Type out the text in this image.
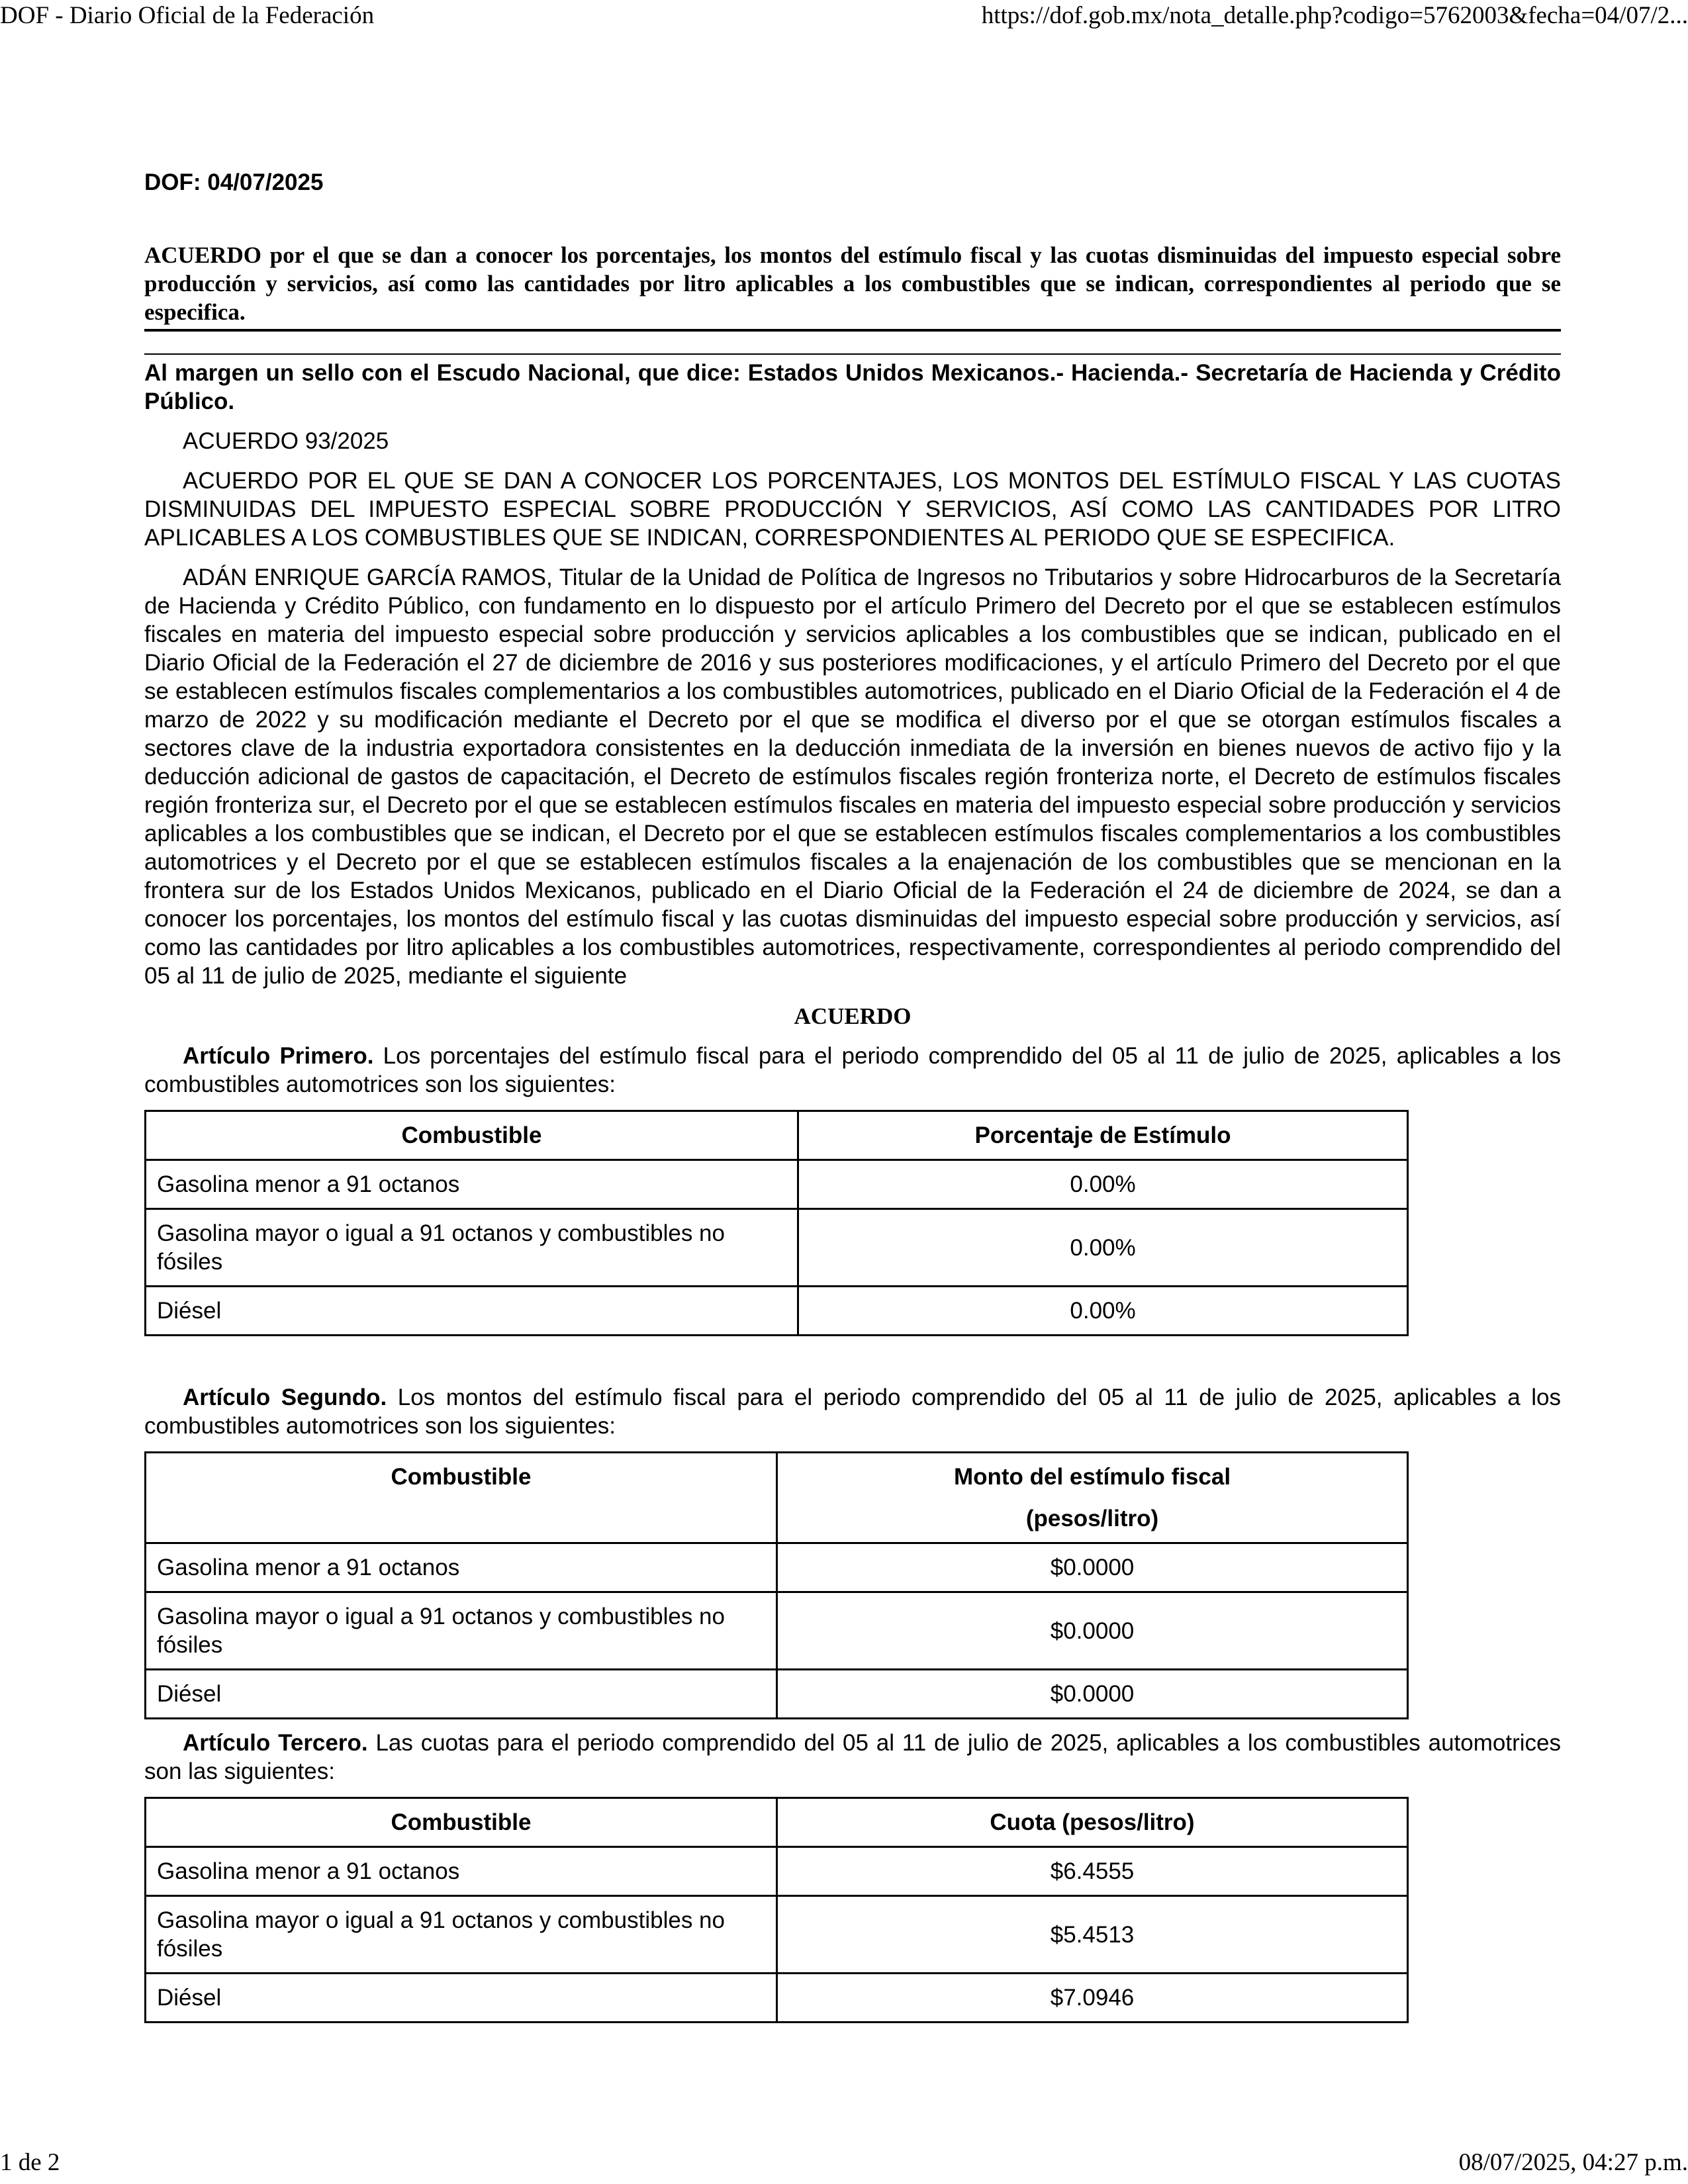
DOF - Diario Oficial de la Federación	https://dof.gob.mx/nota_detalle.php?codigo=5762003&fecha=04/07/2...
DOF: 04/07/2025
ACUERDO por el que se dan a conocer los porcentajes, los montos del estímulo fiscal y las cuotas disminuidas del impuesto especial sobre producción y servicios, así como las cantidades por litro aplicables a los combustibles que se indican, correspondientes al periodo que se especifica.
Al margen un sello con el Escudo Nacional, que dice: Estados Unidos Mexicanos.- Hacienda.- Secretaría de Hacienda y Crédito Público.

ACUERDO 93/2025

ACUERDO POR EL QUE SE DAN A CONOCER LOS PORCENTAJES, LOS MONTOS DEL ESTÍMULO FISCAL Y LAS CUOTAS DISMINUIDAS DEL IMPUESTO ESPECIAL SOBRE PRODUCCIÓN Y SERVICIOS, ASÍ COMO LAS CANTIDADES POR LITRO APLICABLES A LOS COMBUSTIBLES QUE SE INDICAN, CORRESPONDIENTES AL PERIODO QUE SE ESPECIFICA.

ADÁN ENRIQUE GARCÍA RAMOS, Titular de la Unidad de Política de Ingresos no Tributarios y sobre Hidrocarburos de la Secretaría de Hacienda y Crédito Público, con fundamento en lo dispuesto por el artículo Primero del Decreto por el que se establecen estímulos fiscales en materia del impuesto especial sobre producción y servicios aplicables a los combustibles que se indican, publicado en el Diario Oficial de la Federación el 27 de diciembre de 2016 y sus posteriores modificaciones, y el artículo Primero del Decreto por el que se establecen estímulos fiscales complementarios a los combustibles automotrices, publicado en el Diario Oficial de la Federación el 4 de marzo de 2022 y su modificación mediante el Decreto por el que se modifica el diverso por el que se otorgan estímulos fiscales a sectores clave de la industria exportadora consistentes en la deducción inmediata de la inversión en bienes nuevos de activo fijo y la deducción adicional de gastos de capacitación, el Decreto de estímulos fiscales región fronteriza norte, el Decreto de estímulos fiscales región fronteriza sur, el Decreto por el que se establecen estímulos fiscales en materia del impuesto especial sobre producción y servicios aplicables a los combustibles que se indican, el Decreto por el que se establecen estímulos fiscales complementarios a los combustibles automotrices y el Decreto por el que se establecen estímulos fiscales a la enajenación de los combustibles que se mencionan en la frontera sur de los Estados Unidos Mexicanos, publicado en el Diario Oficial de la Federación el 24 de diciembre de 2024, se dan a conocer los porcentajes, los montos del estímulo fiscal y las cuotas disminuidas del impuesto especial sobre producción y servicios, así como las cantidades por litro aplicables a los combustibles automotrices, respectivamente, correspondientes al periodo comprendido del 05 al 11 de julio de 2025, mediante el siguiente

ACUERDO

Artículo Primero. Los porcentajes del estímulo fiscal para el periodo comprendido del 05 al 11 de julio de 2025, aplicables a los combustibles automotrices son los siguientes:

Combustible	Porcentaje de Estímulo
Gasolina menor a 91 octanos	0.00%
Gasolina mayor o igual a 91 octanos y combustibles no fósiles	0.00%
Diésel	0.00%

Artículo Segundo. Los montos del estímulo fiscal para el periodo comprendido del 05 al 11 de julio de 2025, aplicables a los combustibles automotrices son los siguientes:

Combustible	Monto del estímulo fiscal
(pesos/litro)

Gasolina menor a 91 octanos	$0.0000
Gasolina mayor o igual a 91 octanos y combustibles no fósiles	$0.0000
Diésel	$0.0000

Artículo Tercero. Las cuotas para el periodo comprendido del 05 al 11 de julio de 2025, aplicables a los combustibles automotrices son las siguientes:

Combustible	Cuota (pesos/litro)
Gasolina menor a 91 octanos	$6.4555
Gasolina mayor o igual a 91 octanos y combustibles no fósiles	$5.4513
Diésel	$7.0946
1 de 2	08/07/2025, 04:27 p.m.
